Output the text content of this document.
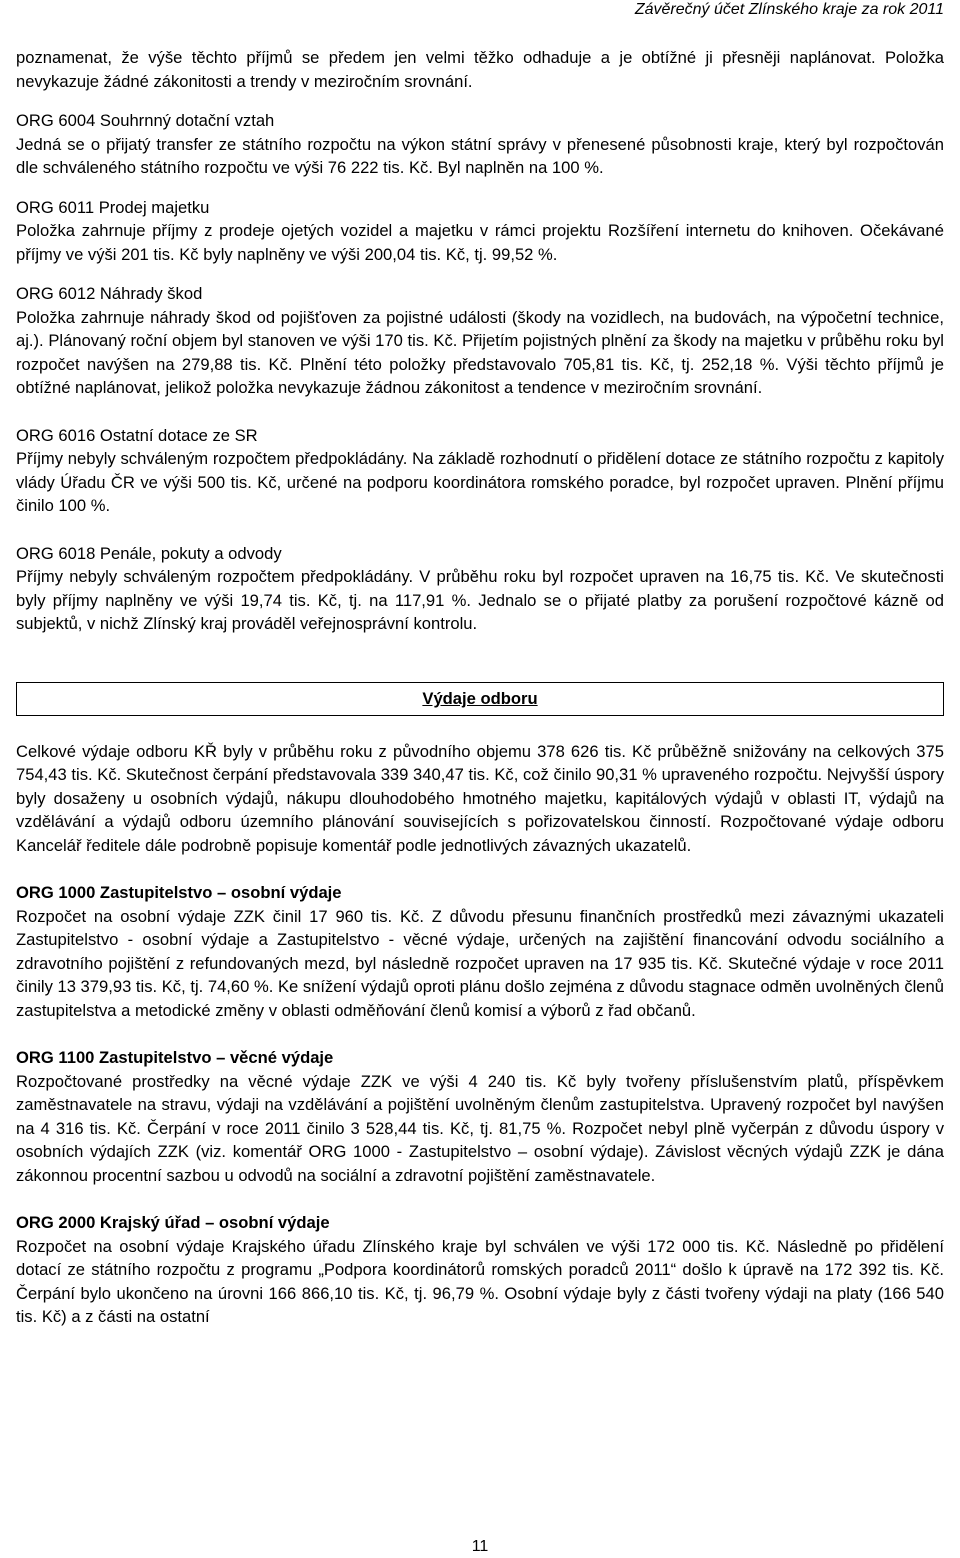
Závěrečný účet Zlínského kraje za rok 2011

poznamenat, že výše těchto příjmů se předem jen velmi těžko odhaduje a je obtížné ji přesněji naplánovat. Položka nevykazuje žádné zákonitosti a trendy v meziročním srovnání.

ORG 6004 Souhrnný dotační vztah

Jedná se o přijatý transfer ze státního rozpočtu na výkon státní správy v přenesené působnosti kraje, který byl rozpočtován dle schváleného státního rozpočtu ve výši 76 222 tis. Kč. Byl naplněn na 100 %.

ORG 6011 Prodej majetku

Položka zahrnuje příjmy z prodeje ojetých vozidel a majetku v rámci projektu Rozšíření internetu do knihoven. Očekávané příjmy ve výši 201 tis. Kč byly naplněny ve výši 200,04 tis. Kč, tj. 99,52 %.

ORG 6012 Náhrady škod

Položka zahrnuje náhrady škod od pojišťoven za pojistné události (škody na vozidlech, na budovách, na výpočetní technice, aj.). Plánovaný roční objem byl stanoven ve výši 170 tis. Kč. Přijetím pojistných plnění za škody na majetku v průběhu roku byl rozpočet navýšen na 279,88 tis. Kč. Plnění této položky představovalo 705,81 tis. Kč, tj. 252,18 %. Výši těchto příjmů je obtížné naplánovat, jelikož položka nevykazuje žádnou zákonitost a tendence v meziročním srovnání.

ORG 6016 Ostatní dotace ze SR

Příjmy nebyly schváleným rozpočtem předpokládány. Na základě rozhodnutí o přidělení dotace ze státního rozpočtu z kapitoly vlády Úřadu ČR ve výši 500 tis. Kč, určené na podporu koordinátora romského poradce, byl rozpočet upraven. Plnění příjmu činilo 100 %.

ORG 6018 Penále, pokuty a odvody

Příjmy nebyly schváleným rozpočtem předpokládány. V průběhu roku byl rozpočet upraven na 16,75 tis. Kč. Ve skutečnosti byly příjmy naplněny ve výši 19,74 tis. Kč, tj. na 117,91 %. Jednalo se o přijaté platby za porušení rozpočtové kázně od subjektů, v nichž Zlínský kraj prováděl veřejnosprávní kontrolu.

Výdaje odboru

Celkové výdaje odboru KŘ byly v průběhu roku z původního objemu 378 626 tis. Kč průběžně snižovány na celkových 375 754,43 tis. Kč. Skutečnost čerpání představovala 339 340,47 tis. Kč, což činilo 90,31 % upraveného rozpočtu. Nejvyšší úspory byly dosaženy u osobních výdajů, nákupu dlouhodobého hmotného majetku, kapitálových výdajů v oblasti IT, výdajů na vzdělávání a výdajů odboru územního plánování souvisejících s pořizovatelskou činností. Rozpočtované výdaje odboru Kancelář ředitele dále podrobně popisuje komentář podle jednotlivých závazných ukazatelů.

ORG 1000 Zastupitelstvo – osobní výdaje

Rozpočet na osobní výdaje ZZK činil 17 960 tis. Kč. Z důvodu přesunu finančních prostředků mezi závaznými ukazateli Zastupitelstvo - osobní výdaje a Zastupitelstvo - věcné výdaje, určených na zajištění financování odvodu sociálního a zdravotního pojištění z refundovaných mezd, byl následně rozpočet upraven na 17 935 tis. Kč. Skutečné výdaje v roce 2011 činily 13 379,93 tis. Kč, tj. 74,60 %. Ke snížení výdajů oproti plánu došlo zejména z důvodu stagnace odměn uvolněných členů zastupitelstva a metodické změny v oblasti odměňování členů komisí a výborů z řad občanů.

ORG 1100 Zastupitelstvo – věcné výdaje

Rozpočtované prostředky na věcné výdaje ZZK ve výši 4 240 tis. Kč byly tvořeny příslušenstvím platů, příspěvkem zaměstnavatele na stravu, výdaji na vzdělávání a pojištění uvolněným členům zastupitelstva. Upravený rozpočet byl navýšen na 4 316 tis. Kč. Čerpání v roce 2011 činilo 3 528,44 tis. Kč, tj. 81,75 %. Rozpočet nebyl plně vyčerpán z důvodu úspory v osobních výdajích ZZK (viz. komentář ORG 1000 - Zastupitelstvo – osobní výdaje). Závislost věcných výdajů ZZK je dána zákonnou procentní sazbou u odvodů na sociální a zdravotní pojištění zaměstnavatele.

ORG 2000 Krajský úřad – osobní výdaje

Rozpočet na osobní výdaje Krajského úřadu Zlínského kraje byl schválen ve výši 172 000 tis. Kč. Následně po přidělení dotací ze státního rozpočtu z programu „Podpora koordinátorů romských poradců 2011“ došlo k úpravě na 172 392 tis. Kč. Čerpání bylo ukončeno na úrovni 166 866,10 tis. Kč, tj. 96,79 %. Osobní výdaje byly z části tvořeny výdaji na platy (166 540 tis. Kč) a z části na ostatní

11
